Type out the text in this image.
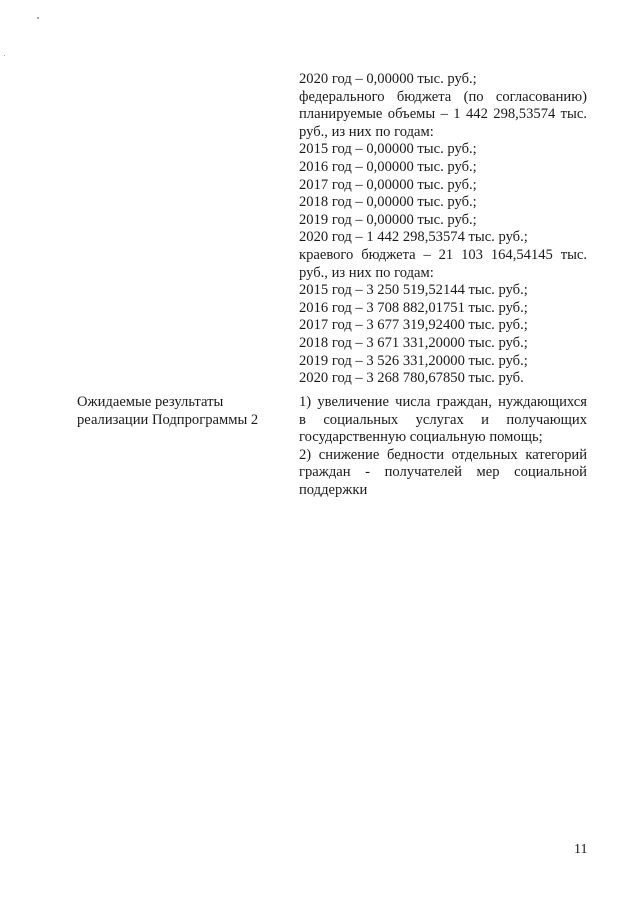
2020 год – 0,00000 тыс. руб.;

федерального бюджета (по согласованию) планируемые объемы – 1 442 298,53574 тыс. руб., из них по годам:

2015 год – 0,00000 тыс. руб.;
2016 год – 0,00000 тыс. руб.;
2017 год – 0,00000 тыс. руб.;
2018 год – 0,00000 тыс. руб.;
2019 год – 0,00000 тыс. руб.;
2020 год – 1 442 298,53574 тыс. руб.;

краевого бюджета – 21 103 164,54145 тыс. руб., из них по годам:

2015 год – 3 250 519,52144 тыс. руб.;
2016 год – 3 708 882,01751 тыс. руб.;
2017 год – 3 677 319,92400 тыс. руб.;
2018 год – 3 671 331,20000 тыс. руб.;
2019 год – 3 526 331,20000 тыс. руб.;
2020 год – 3 268 780,67850 тыс. руб.
Ожидаемые результаты
реализации Подпрограммы 2

1) увеличение числа граждан, нуждающихся в социальных услугах и получающих государственную социальную помощь;

2) снижение бедности отдельных категорий граждан - получателей мер социальной поддержки

11
